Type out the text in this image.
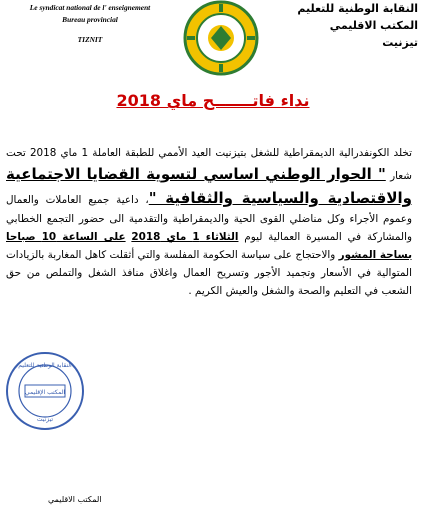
Le syndicat national de l' enseignement
Bureau provincial
TIZNIT
النقابة الوطنية للتعليم
المكتب الاقليمي
تيزنيت
نداء فاتـــــــح ماي 2018

تخلد الكونفدرالية الديمقراطية للشغل بتيزنيت العيد الأممي للطبقة العاملة 1 ماي 2018 تحت شعار " الحوار الوطني اساسي لتسوية القضايا الاجتماعية والاقتصادية والسياسية والثقافية "، داعية جميع العاملات والعمال وعموم الأجراء وكل مناضلي القوى الحية والديمقراطية والتقدمية الى حضور التجمع الخطابي والمشاركة في المسيرة العمالية ليوم الثلاثاء 1 ماي 2018 على الساعة 10 صباحا بساحة المشور والاحتجاج على سياسة الحكومة المفلسة والتي أثقلت كاهل المغاربة بالزيادات المتوالية في الأسعار وتجميد الأجور وتسريح العمال واغلاق منافذ الشغل والتملص من حق الشعب في التعليم والصحة والشغل والعيش الكريم .

النقابة الوطنية للتعليم
المكتب الإقليمي
تيزنيت
المكتب الاقليمي
